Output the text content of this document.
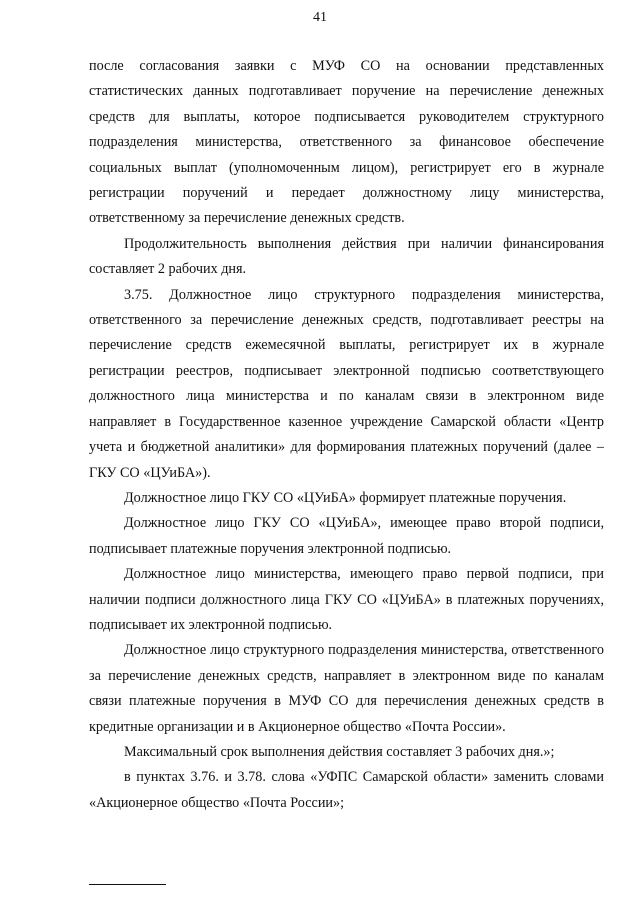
41

после согласования заявки с МУФ СО на основании представленных статистических данных подготавливает поручение на перечисление денежных средств для выплаты, которое подписывается руководителем структурного подразделения министерства, ответственного за финансовое обеспечение социальных выплат (уполномоченным лицом), регистрирует его в журнале регистрации поручений и передает должностному лицу министерства, ответственному за перечисление денежных средств.

Продолжительность выполнения действия при наличии финансирования составляет 2 рабочих дня.

3.75. Должностное лицо структурного подразделения министерства, ответственного за перечисление денежных средств, подготавливает реестры на перечисление средств ежемесячной выплаты, регистрирует их в журнале регистрации реестров, подписывает электронной подписью соответствующего должностного лица министерства и по каналам связи в электронном виде направляет в Государственное казенное учреждение Самарской области «Центр учета и бюджетной аналитики» для формирования платежных поручений (далее – ГКУ СО «ЦУиБА»).

Должностное лицо ГКУ СО «ЦУиБА» формирует платежные поручения.

Должностное лицо ГКУ СО «ЦУиБА», имеющее право второй подписи, подписывает платежные поручения электронной подписью.

Должностное лицо министерства, имеющего право первой подписи, при наличии подписи должностного лица ГКУ СО «ЦУиБА» в платежных поручениях, подписывает их электронной подписью.

Должностное лицо структурного подразделения министерства, ответственного за перечисление денежных средств, направляет в электронном виде по каналам связи платежные поручения в МУФ СО для перечисления денежных средств в кредитные организации и в Акционерное общество «Почта России».

Максимальный срок выполнения действия составляет 3 рабочих дня.»;

в пунктах 3.76. и 3.78. слова «УФПС Самарской области» заменить словами «Акционерное общество «Почта России»;
